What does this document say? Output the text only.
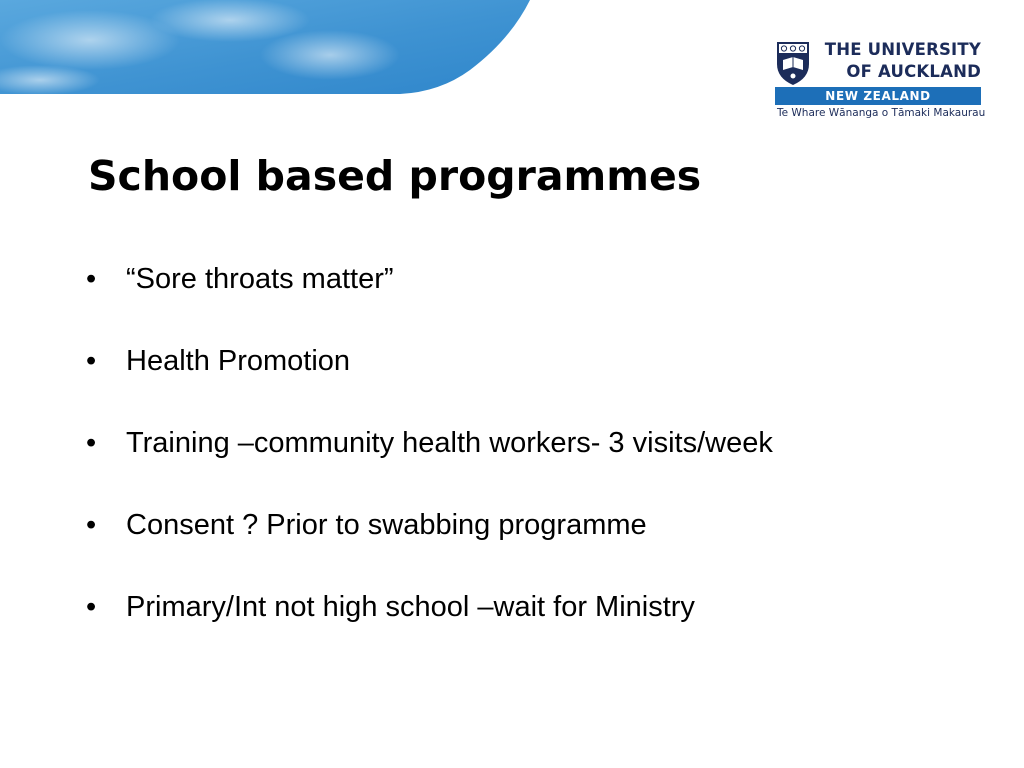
THE UNIVERSITY
OF AUCKLAND
NEW ZEALAND
Te Whare Wānanga o Tāmaki Makaurau
School based programmes
• “Sore throats matter”
• Health Promotion
• Training –community health workers- 3 visits/week
• Consent ? Prior to swabbing programme
• Primary/Int not high school –wait for Ministry
